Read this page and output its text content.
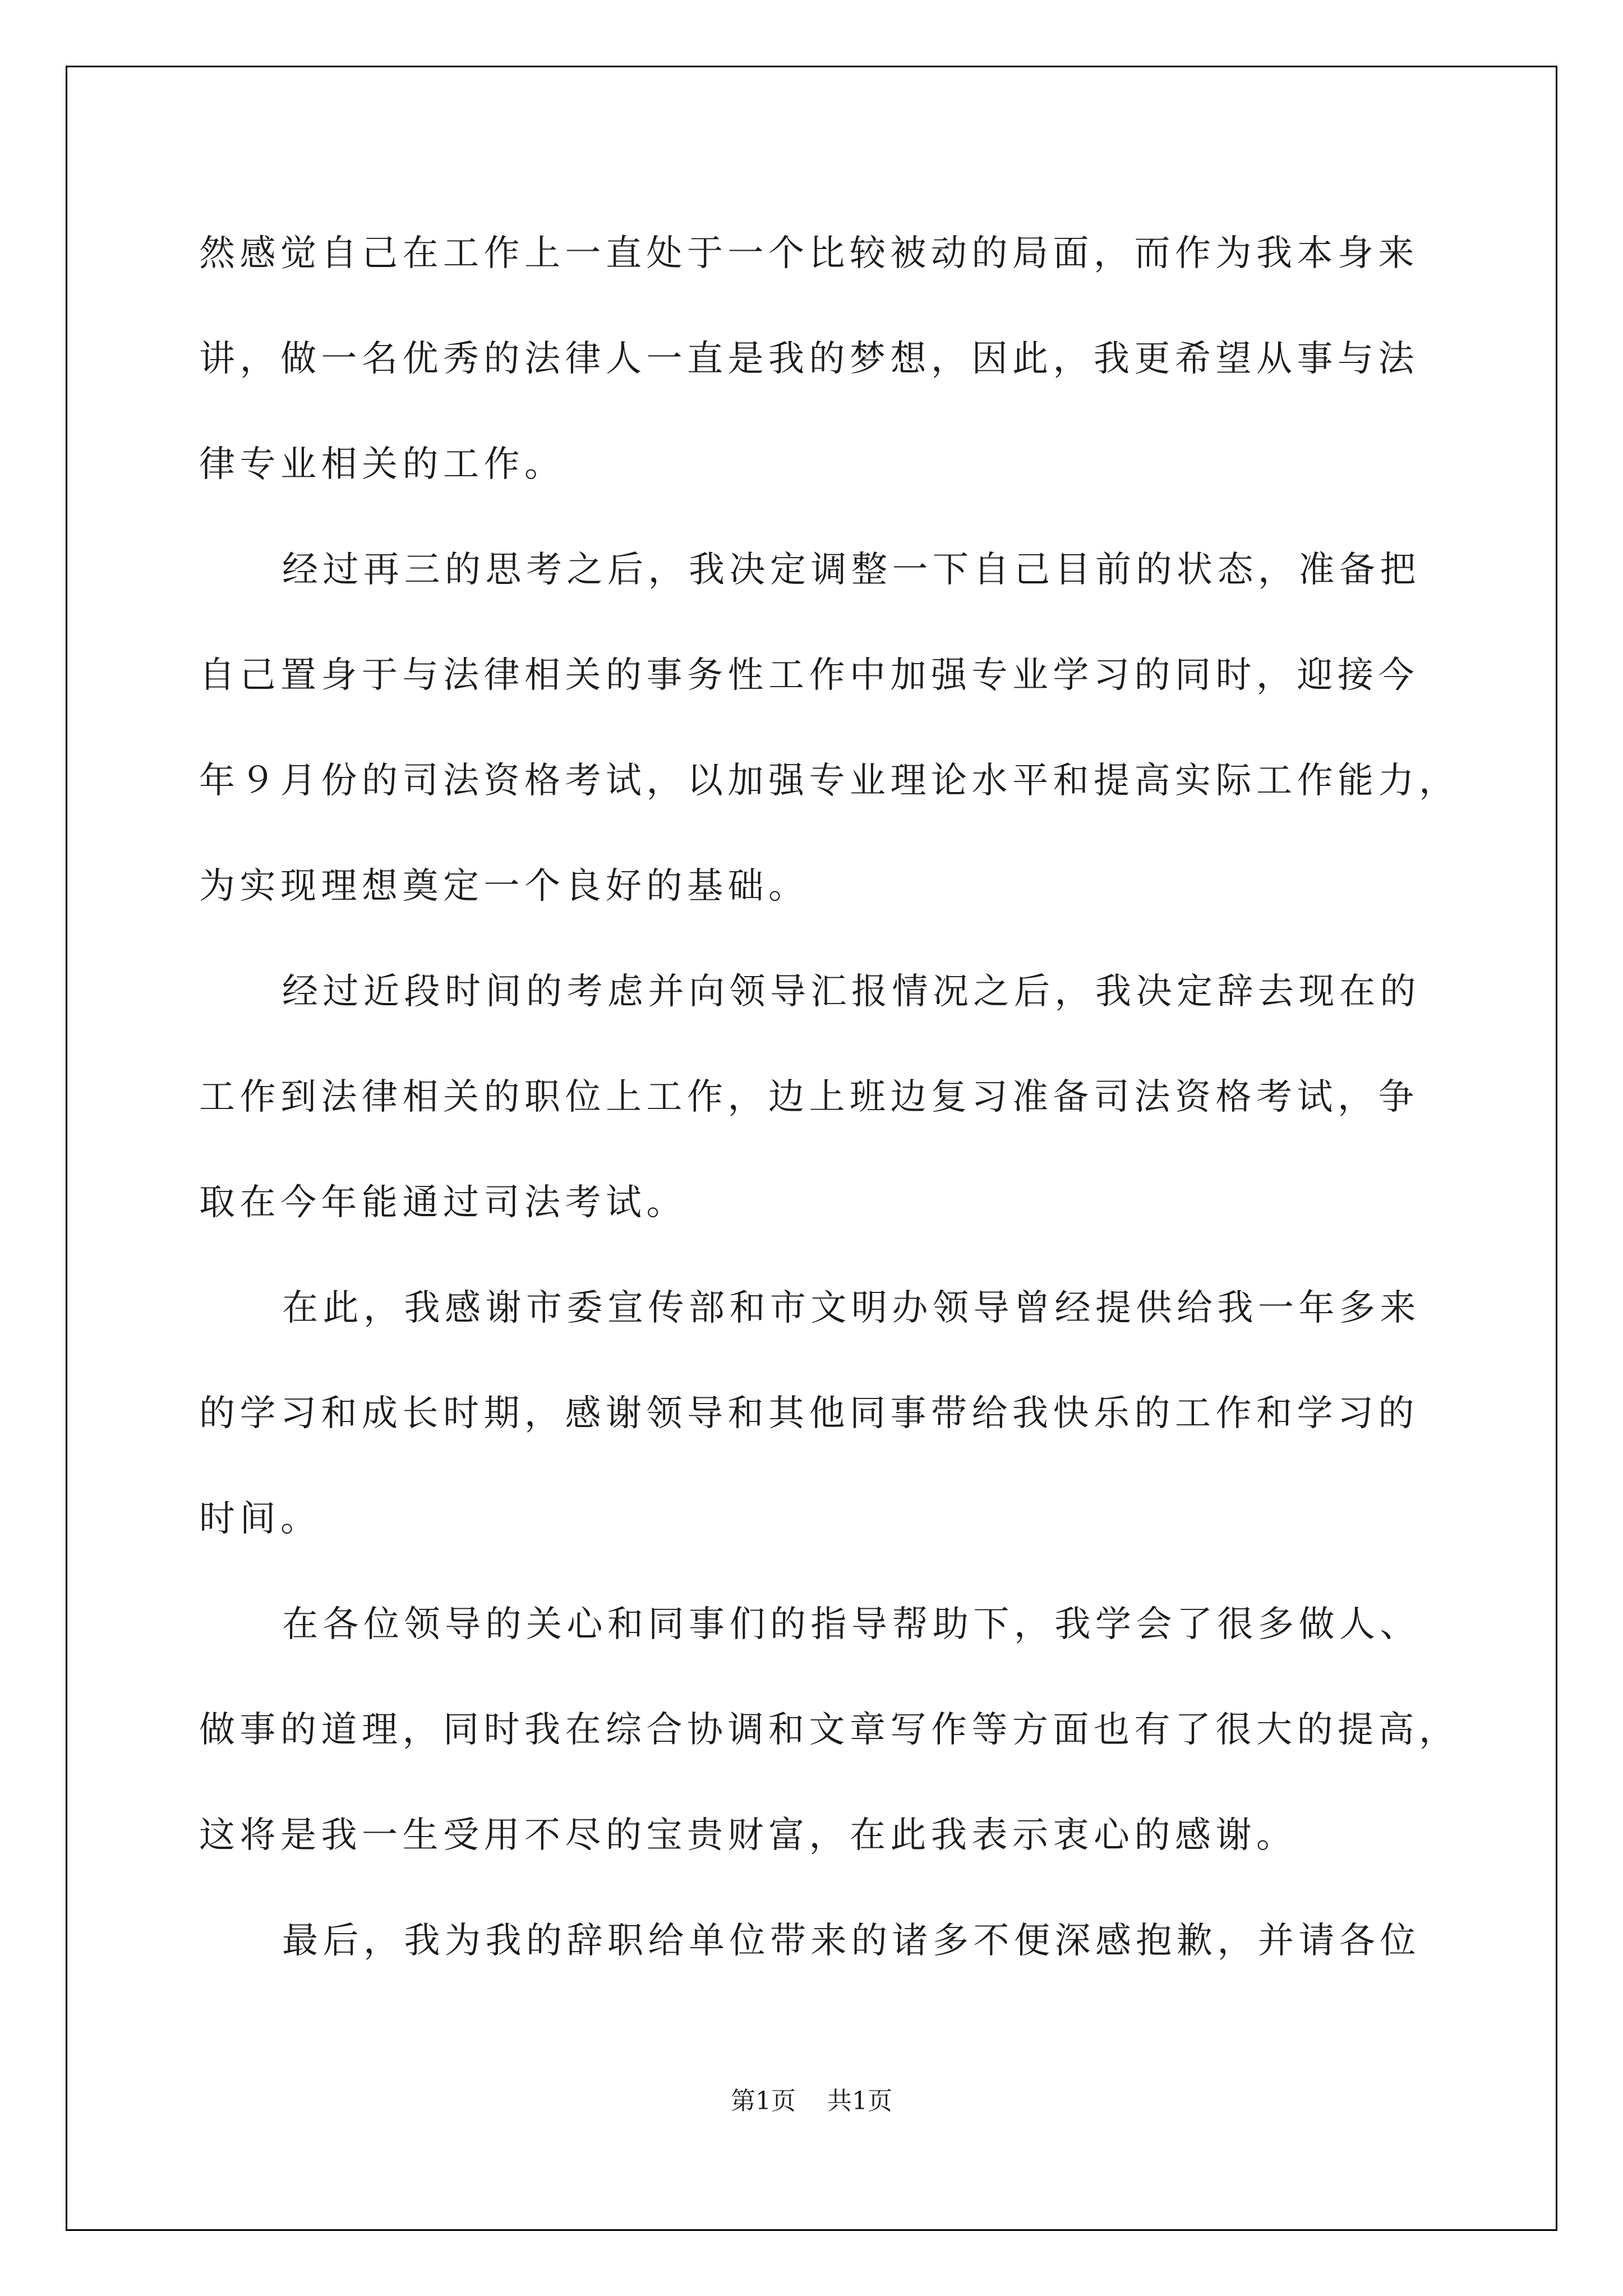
然感觉自己在工作上一直处于一个比较被动的局面，而作为我本身来

讲，做一名优秀的法律人一直是我的梦想，因此，我更希望从事与法

律专业相关的工作。

经过再三的思考之后，我决定调整一下自己目前的状态，准备把

自己置身于与法律相关的事务性工作中加强专业学习的同时，迎接今

年９月份的司法资格考试，以加强专业理论水平和提高实际工作能力，

为实现理想奠定一个良好的基础。

经过近段时间的考虑并向领导汇报情况之后，我决定辞去现在的

工作到法律相关的职位上工作，边上班边复习准备司法资格考试，争

取在今年能通过司法考试。

在此，我感谢市委宣传部和市文明办领导曾经提供给我一年多来

的学习和成长时期，感谢领导和其他同事带给我快乐的工作和学习的

时间。

在各位领导的关心和同事们的指导帮助下，我学会了很多做人、

做事的道理，同时我在综合协调和文章写作等方面也有了很大的提高，

这将是我一生受用不尽的宝贵财富，在此我表示衷心的感谢。

最后，我为我的辞职给单位带来的诸多不便深感抱歉，并请各位

第1页 共1页
